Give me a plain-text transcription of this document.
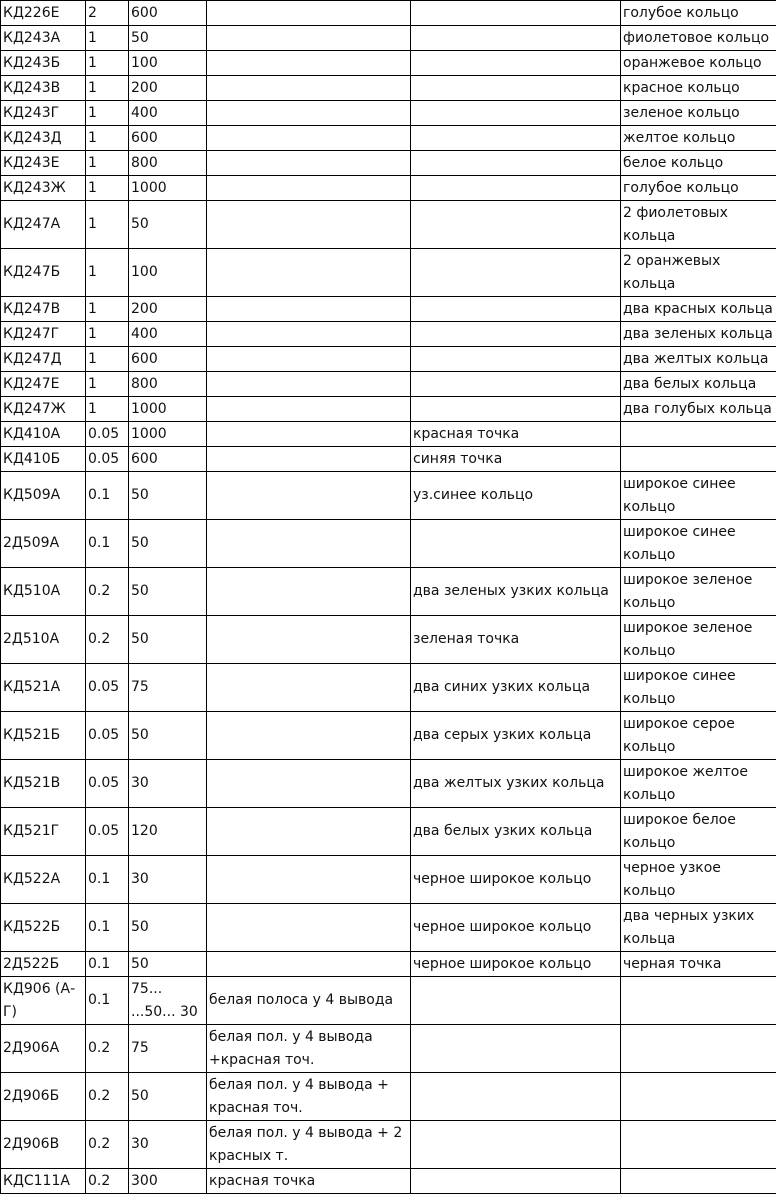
КД226Е	2	600			голубое кольцо
КД243А	1	50			фиолетовое кольцо
КД243Б	1	100			оранжевое кольцо
КД243В	1	200			красное кольцо
КД243Г	1	400			зеленое кольцо
КД243Д	1	600			желтое кольцо
КД243Е	1	800			белое кольцо
КД243Ж	1	1000			голубое кольцо
КД247А	1	50			2 фиолетовых кольца
КД247Б	1	100			2 оранжевых кольца
КД247В	1	200			два красных кольца
КД247Г	1	400			два зеленых кольца
КД247Д	1	600			два желтых кольца
КД247Е	1	800			два белых кольца
КД247Ж	1	1000			два голубых кольца
КД410А	0.05	1000		красная точка	
КД410Б	0.05	600		синяя точка	
КД509А	0.1	50		уз.синее кольцо	широкое синее кольцо
2Д509А	0.1	50			широкое синее кольцо
КД510А	0.2	50		два зеленых узких кольца	широкое зеленое кольцо
2Д510А	0.2	50		зеленая точка	широкое зеленое кольцо
КД521А	0.05	75		два синих узких кольца	широкое синее кольцо
КД521Б	0.05	50		два серых узких кольца	широкое серое кольцо
КД521В	0.05	30		два желтых узких кольца	широкое желтое кольцо
КД521Г	0.05	120		два белых узких кольца	широкое белое кольцо
КД522А	0.1	30		черное широкое кольцо	черное узкое кольцо
КД522Б	0.1	50		черное широкое кольцо	два черных узких кольца
2Д522Б	0.1	50		черное широкое кольцо	черная точка
КД906 (А-Г)	0.1	75... ...50... 30	белая полоса у 4 вывода		
2Д906А	0.2	75	белая пол. у 4 вывода +красная точ.		
2Д906Б	0.2	50	белая пол. у 4 вывода + красная точ.		
2Д906В	0.2	30	белая пол. у 4 вывода + 2 красных т.		
КДС111А	0.2	300	красная точка		
